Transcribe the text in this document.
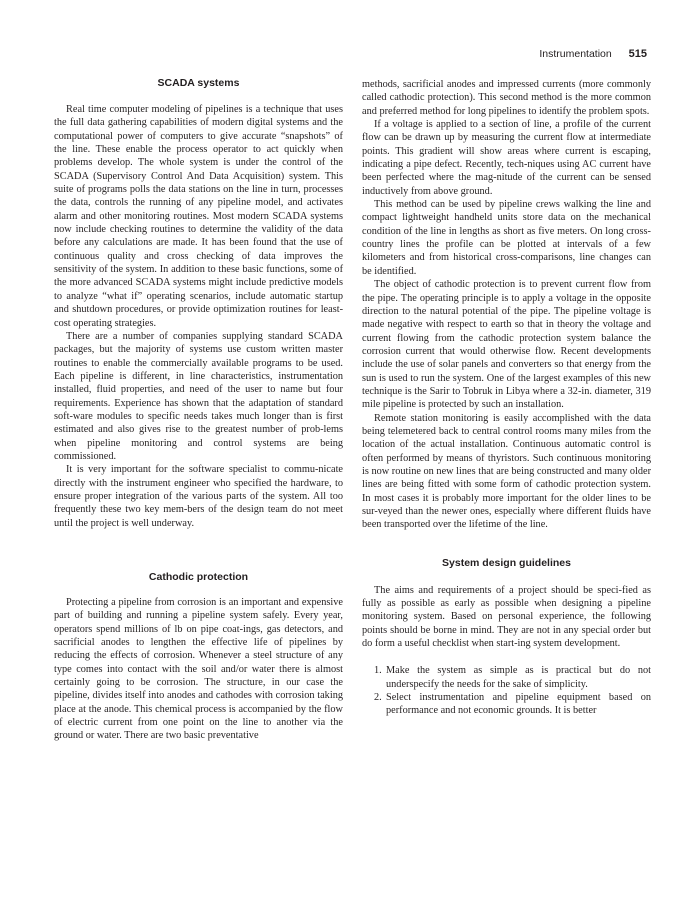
Instrumentation 515
SCADA systems

Real time computer modeling of pipelines is a technique that uses the full data gathering capabilities of modern digital systems and the computational power of computers to give accurate “snapshots” of the line. These enable the process operator to act quickly when problems develop. The whole system is under the control of the SCADA (Supervisory Control And Data Acquisition) system. This suite of programs polls the data stations on the line in turn, processes the data, controls the running of any pipeline model, and activates alarm and other monitoring routines. Most modern SCADA systems now include checking routines to determine the validity of the data before any calculations are made. It has been found that the use of continuous quality and cross checking of data improves the sensitivity of the system. In addition to these basic functions, some of the more advanced SCADA systems might include predictive models to analyze “what if” operating scenarios, include automatic startup and shutdown procedures, or provide optimization routines for least-cost operating strategies.

There are a number of companies supplying standard SCADA packages, but the majority of systems use custom written master routines to enable the commercially available programs to be used. Each pipeline is different, in line characteristics, instrumentation installed, fluid properties, and need of the user to name but four requirements. Experience has shown that the adaptation of standard soft-ware modules to specific needs takes much longer than is first estimated and also gives rise to the greatest number of prob-lems when pipeline monitoring and control systems are being commissioned.

It is very important for the software specialist to commu-nicate directly with the instrument engineer who specified the hardware, to ensure proper integration of the various parts of the system. All too frequently these two key mem-bers of the design team do not meet until the project is well underway.

Cathodic protection

Protecting a pipeline from corrosion is an important and expensive part of building and running a pipeline system safely. Every year, operators spend millions of lb on pipe coat-ings, gas detectors, and sacrificial anodes to lengthen the effective life of pipelines by reducing the effects of corrosion. Whenever a steel structure of any type comes into contact with the soil and/or water there is almost certainly going to be corrosion. The structure, in our case the pipeline, divides itself into anodes and cathodes with corrosion taking place at the anode. This chemical process is accompanied by the flow of electric current from one point on the line to another via the ground or water. There are two basic preventative

methods, sacrificial anodes and impressed currents (more commonly called cathodic protection). This second method is the more common and preferred method for long pipelines to identify the problem spots.

If a voltage is applied to a section of line, a profile of the current flow can be drawn up by measuring the current flow at intermediate points. This gradient will show areas where current is escaping, indicating a pipe defect. Recently, tech-niques using AC current have been perfected where the mag-nitude of the current can be sensed inductively from above ground.

This method can be used by pipeline crews walking the line and compact lightweight handheld units store data on the mechanical condition of the line in lengths as short as five meters. On long cross-country lines the profile can be plotted at intervals of a few kilometers and from historical cross-comparisons, line changes can be identified.

The object of cathodic protection is to prevent current flow from the pipe. The operating principle is to apply a voltage in the opposite direction to the natural potential of the pipe. The pipeline voltage is made negative with respect to earth so that in theory the voltage and current flowing from the cathodic protection system balance the corrosion current that would otherwise flow. Recent developments include the use of solar panels and converters so that energy from the sun is used to run the system. One of the largest examples of this new technique is the Sarir to Tobruk in Libya where a 32-in. diameter, 319 mile pipeline is protected by such an installation.

Remote station monitoring is easily accomplished with the data being telemetered back to central control rooms many miles from the location of the actual installation. Continuous automatic control is often performed by means of thyristors. Such continuous monitoring is now routine on new lines that are being constructed and many older lines are being fitted with some form of cathodic protection system. In most cases it is probably more important for the older lines to be sur-veyed than the newer ones, especially where different fluids have been transported over the lifetime of the line.

System design guidelines

The aims and requirements of a project should be speci-fied as fully as possible as early as possible when designing a pipeline monitoring system. Based on personal experience, the following points should be borne in mind. They are not in any special order but do form a useful checklist when start-ing system development.

1. Make the system as simple as is practical but do not underspecify the needs for the sake of simplicity.
2. Select instrumentation and pipeline equipment based on performance and not economic grounds. It is better
